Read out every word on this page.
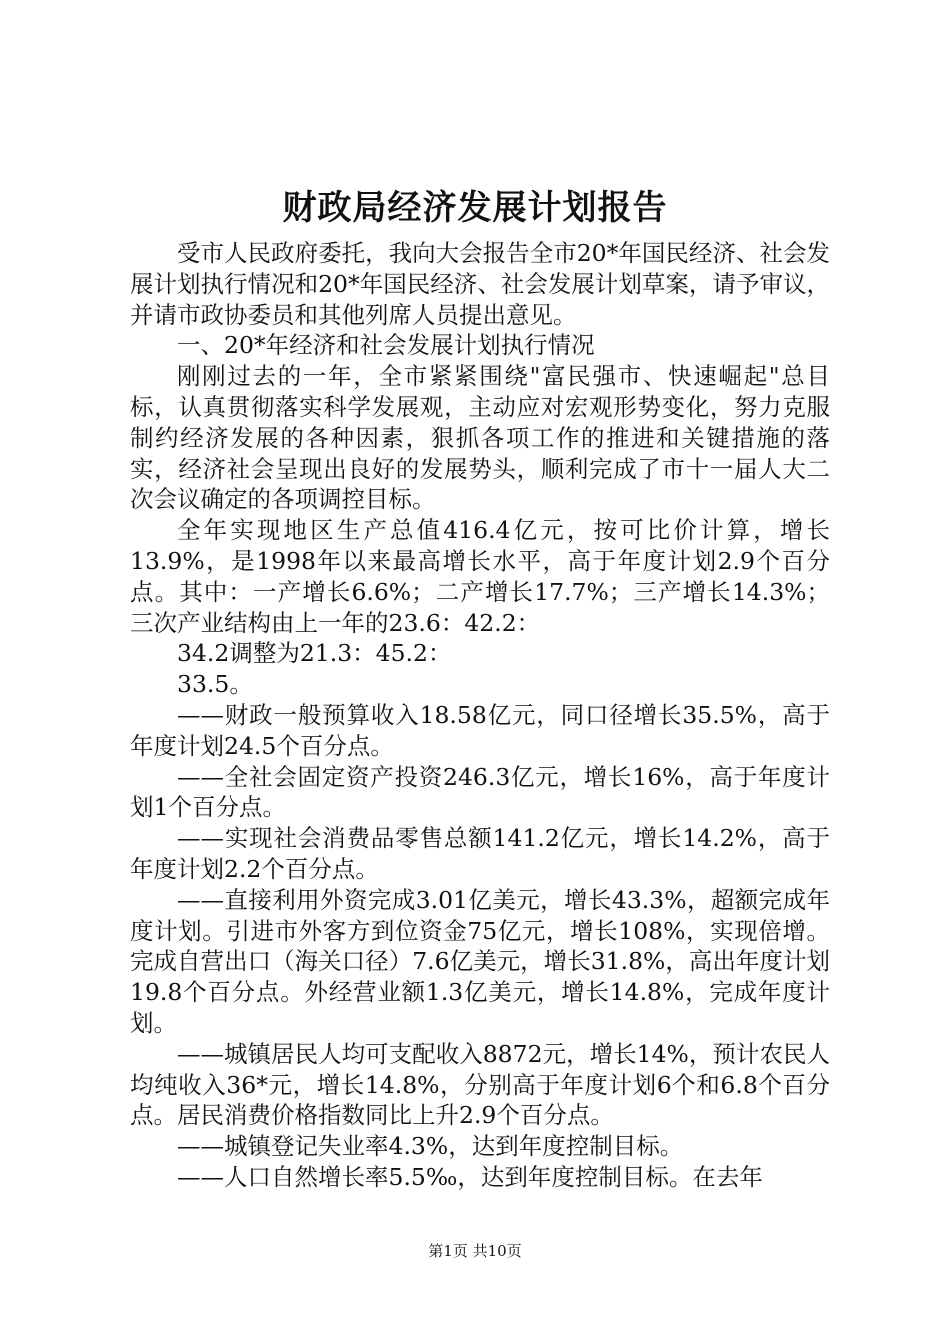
财政局经济发展计划报告

受市人民政府委托，我向大会报告全市20*年国民经济、社会发展计划执行情况和20*年国民经济、社会发展计划草案，请予审议，并请市政协委员和其他列席人员提出意见。

一、20*年经济和社会发展计划执行情况

刚刚过去的一年，全市紧紧围绕"富民强市、快速崛起"总目标，认真贯彻落实科学发展观，主动应对宏观形势变化，努力克服制约经济发展的各种因素，狠抓各项工作的推进和关键措施的落实，经济社会呈现出良好的发展势头，顺利完成了市十一届人大二次会议确定的各项调控目标。

全年实现地区生产总值416.4亿元，按可比价计算，增长13.9%，是1998年以来最高增长水平，高于年度计划2.9个百分点。其中：一产增长6.6%；二产增长17.7%；三产增长14.3%；三次产业结构由上一年的23.6：42.2：

34.2调整为21.3：45.2：

33.5。

——财政一般预算收入18.58亿元，同口径增长35.5%，高于年度计划24.5个百分点。

——全社会固定资产投资246.3亿元，增长16%，高于年度计划1个百分点。

——实现社会消费品零售总额141.2亿元，增长14.2%，高于年度计划2.2个百分点。

——直接利用外资完成3.01亿美元，增长43.3%，超额完成年度计划。引进市外客方到位资金75亿元，增长108%，实现倍增。完成自营出口（海关口径）7.6亿美元，增长31.8%，高出年度计划19.8个百分点。外经营业额1.3亿美元，增长14.8%，完成年度计划。

——城镇居民人均可支配收入8872元，增长14%，预计农民人均纯收入36*元，增长14.8%，分别高于年度计划6个和6.8个百分点。居民消费价格指数同比上升2.9个百分点。

——城镇登记失业率4.3%，达到年度控制目标。

——人口自然增长率5.5‰，达到年度控制目标。在去年

第1页 共10页
